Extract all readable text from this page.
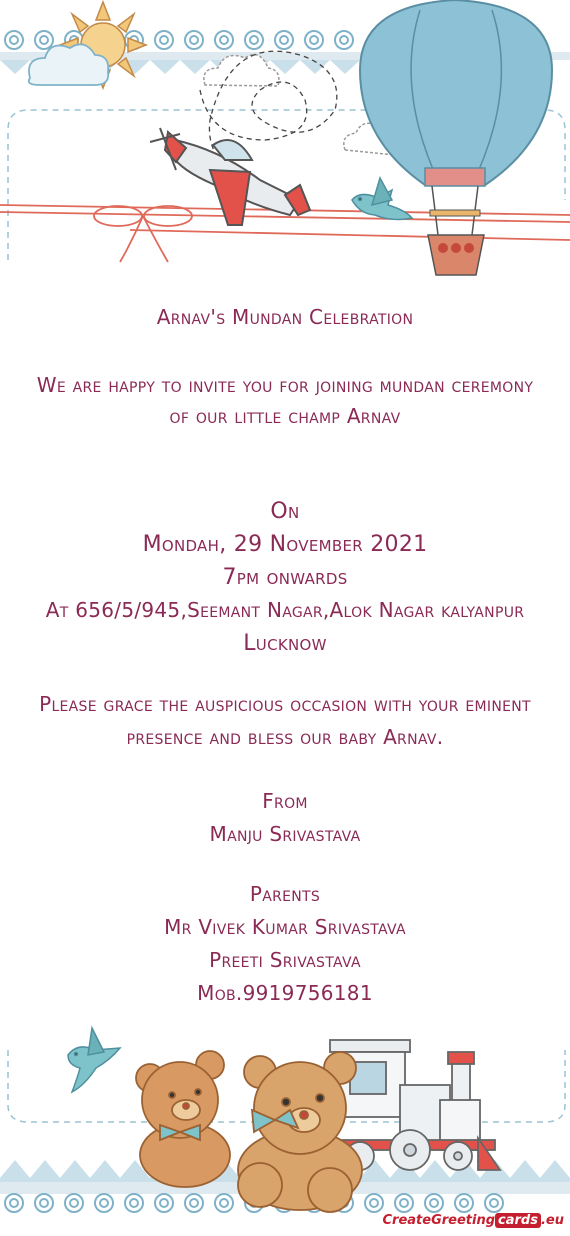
Arnav's Mundan Celebration
We are happy to invite you for joining mundan ceremony
of our little champ Arnav
On
Mondah, 29 November 2021
7pm onwards
At 656/5/945,Seemant Nagar,Alok Nagar kalyanpur
Lucknow
Please grace the auspicious occasion with your eminent
presence and bless our baby Arnav.
From
Manju Srivastava
Parents
Mr Vivek Kumar Srivastava
Preeti Srivastava
Mob.9919756181
CreateGreeting cards .eu
